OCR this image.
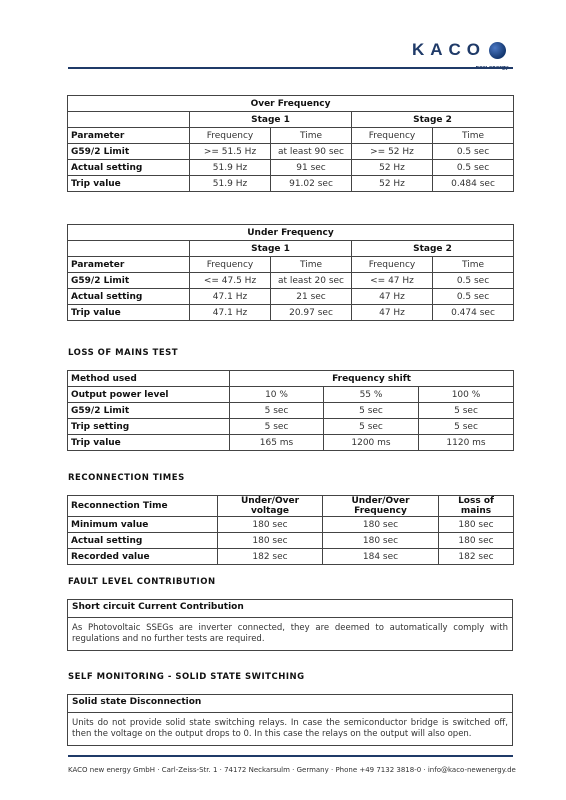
KACO
Over Frequency				
	Stage 1		Stage 2	
Parameter	Frequency	Time	Frequency	Time
G59/2 Limit	>= 51.5 Hz	at least 90 sec	>= 52 Hz	0.5 sec
Actual setting	51.9 Hz	91 sec	52 Hz	0.5 sec
Trip value	51.9 Hz	91.02 sec	52 Hz	0.484 sec
Under Frequency				
	Stage 1		Stage 2	
Parameter	Frequency	Time	Frequency	Time
G59/2 Limit	<= 47.5 Hz	at least 20 sec	<= 47 Hz	0.5 sec
Actual setting	47.1 Hz	21 sec	47 Hz	0.5 sec
Trip value	47.1 Hz	20.97 sec	47 Hz	0.474 sec
LOSS OF MAINS TEST
Method used	Frequency shift		
Output power level	10 %	55 %	100 %
G59/2 Limit	5 sec	5 sec	5 sec
Trip setting	5 sec	5 sec	5 sec
Trip value	165 ms	1200 ms	1120 ms
RECONNECTION TIMES
Reconnection Time	Under/Over voltage	Under/Over Frequency	Loss of mains
Minimum value	180 sec	180 sec	180 sec
Actual setting	180 sec	180 sec	180 sec
Recorded value	182 sec	184 sec	182 sec
FAULT LEVEL CONTRIBUTION
Short circuit Current Contribution
As Photovoltaic SSEGs are inverter connected, they are deemed to automatically comply with regulations and no further tests are required.
SELF MONITORING - SOLID STATE SWITCHING
Solid state Disconnection
Units do not provide solid state switching relays. In case the semiconductor bridge is switched off, then the voltage on the output drops to 0. In this case the relays on the output will also open.
KACO new energy GmbH · Carl-Zeiss-Str. 1 · 74172 Neckarsulm · Germany · Phone +49 7132 3818-0 · info@kaco-newenergy.de
